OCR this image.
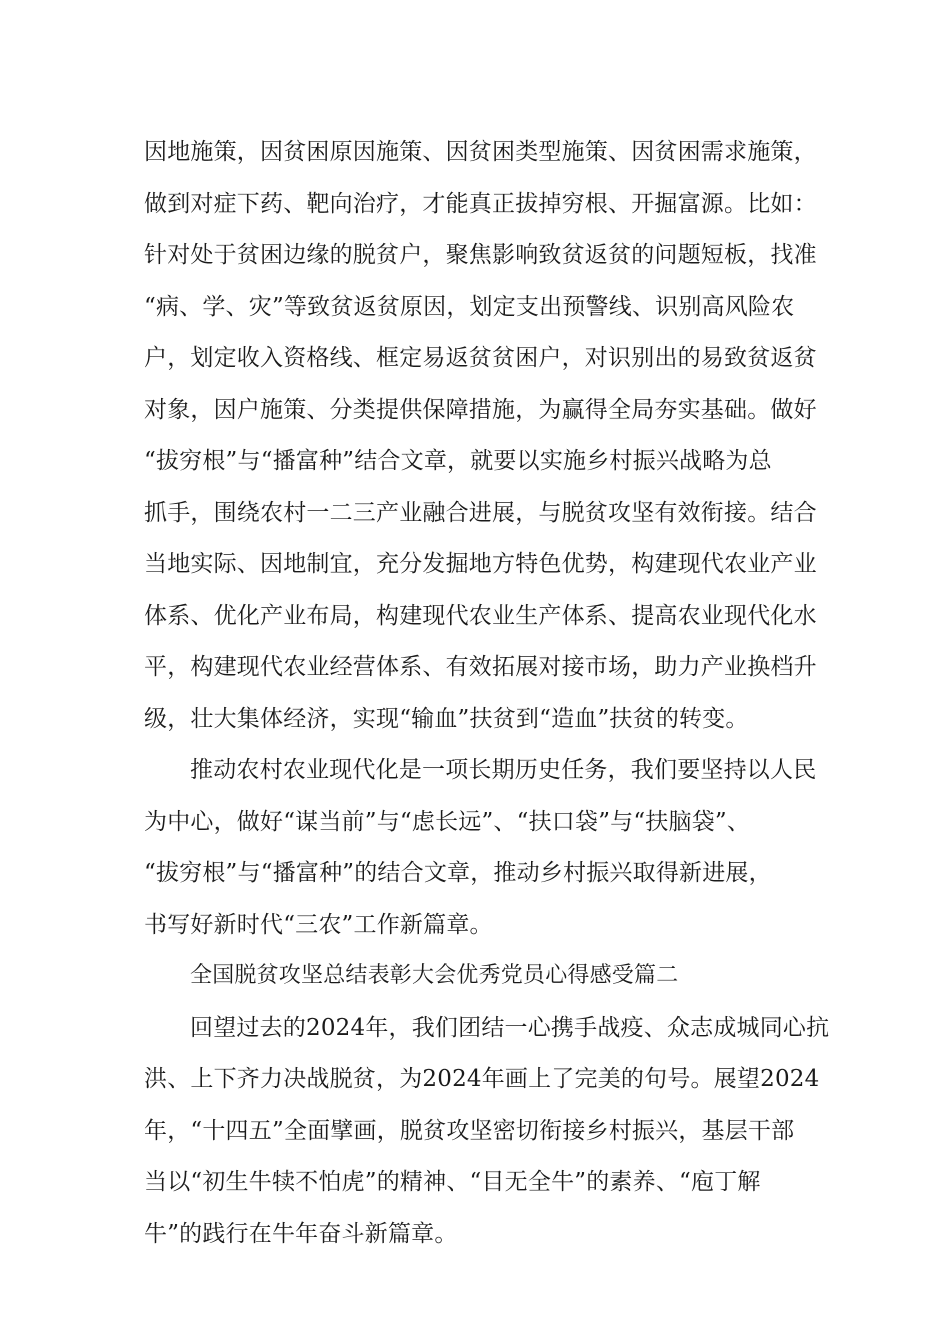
因地施策，因贫困原因施策、因贫困类型施策、因贫困需求施策，
做到对症下药、靶向治疗，才能真正拔掉穷根、开掘富源。比如：
针对处于贫困边缘的脱贫户，聚焦影响致贫返贫的问题短板，找准
“病、学、灾”等致贫返贫原因，划定支出预警线、识别高风险农
户，划定收入资格线、框定易返贫贫困户，对识别出的易致贫返贫
对象，因户施策、分类提供保障措施，为赢得全局夯实基础。做好
“拔穷根”与“播富种”结合文章，就要以实施乡村振兴战略为总
抓手，围绕农村一二三产业融合进展，与脱贫攻坚有效衔接。结合
当地实际、因地制宜，充分发掘地方特色优势，构建现代农业产业
体系、优化产业布局，构建现代农业生产体系、提高农业现代化水
平，构建现代农业经营体系、有效拓展对接市场，助力产业换档升
级，壮大集体经济，实现“输血”扶贫到“造血”扶贫的转变。
推动农村农业现代化是一项长期历史任务，我们要坚持以人民
为中心，做好“谋当前”与“虑长远”、“扶口袋”与“扶脑袋”、
“拔穷根”与“播富种”的结合文章，推动乡村振兴取得新进展，
书写好新时代“三农”工作新篇章。
全国脱贫攻坚总结表彰大会优秀党员心得感受篇二
回望过去的2024年，我们团结一心携手战疫、众志成城同心抗
洪、上下齐力决战脱贫，为2024年画上了完美的句号。展望2024
年，“十四五”全面擘画，脱贫攻坚密切衔接乡村振兴，基层干部
当以“初生牛犊不怕虎”的精神、“目无全牛”的素养、“庖丁解
牛”的践行在牛年奋斗新篇章。
